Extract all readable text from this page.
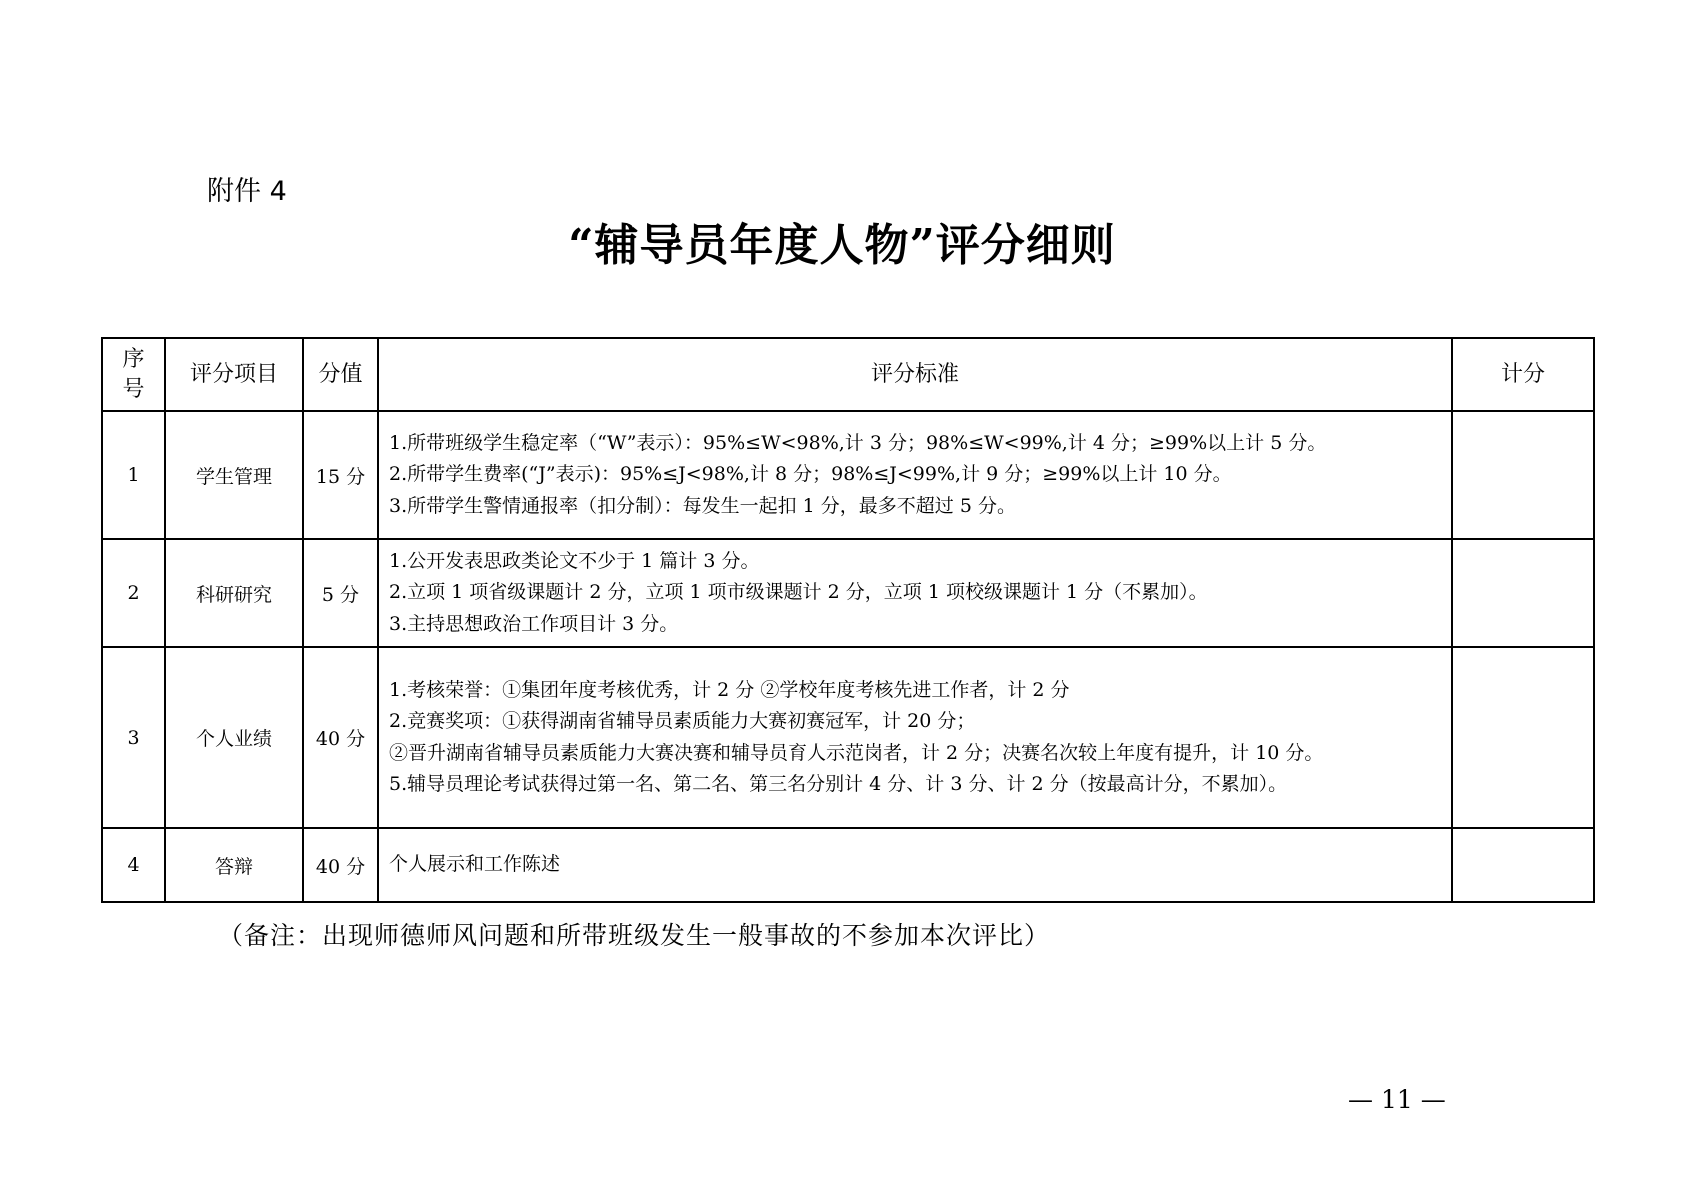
附件 4
“辅导员年度人物”评分细则
序
号	评分项目	分值	评分标准	计分
1	学生管理	15 分	1.所带班级学生稳定率（“W”表示）：95%≤W<98%,计 3 分；98%≤W<99%,计 4 分；≥99%以上计 5 分。
2.所带学生费率(“J”表示)：95%≤J<98%,计 8 分；98%≤J<99%,计 9 分；≥99%以上计 10 分。
3.所带学生警情通报率（扣分制）：每发生一起扣 1 分，最多不超过 5 分。	

2	科研研究	5 分	1.公开发表思政类论文不少于 1 篇计 3 分。
2.立项 1 项省级课题计 2 分，立项 1 项市级课题计 2 分，立项 1 项校级课题计 1 分（不累加）。
3.主持思想政治工作项目计 3 分。	

3	个人业绩	40 分	1.考核荣誉：①集团年度考核优秀，计 2 分 ②学校年度考核先进工作者，计 2 分
2.竞赛奖项：①获得湖南省辅导员素质能力大赛初赛冠军，计 20 分；
②晋升湖南省辅导员素质能力大赛决赛和辅导员育人示范岗者，计 2 分；决赛名次较上年度有提升，计 10 分。
5.辅导员理论考试获得过第一名、第二名、第三名分别计 4 分、计 3 分、计 2 分（按最高计分，不累加）。	

4	答辩	40 分	个人展示和工作陈述	

（备注：出现师德师风问题和所带班级发生一般事故的不参加本次评比）
— 11 —
